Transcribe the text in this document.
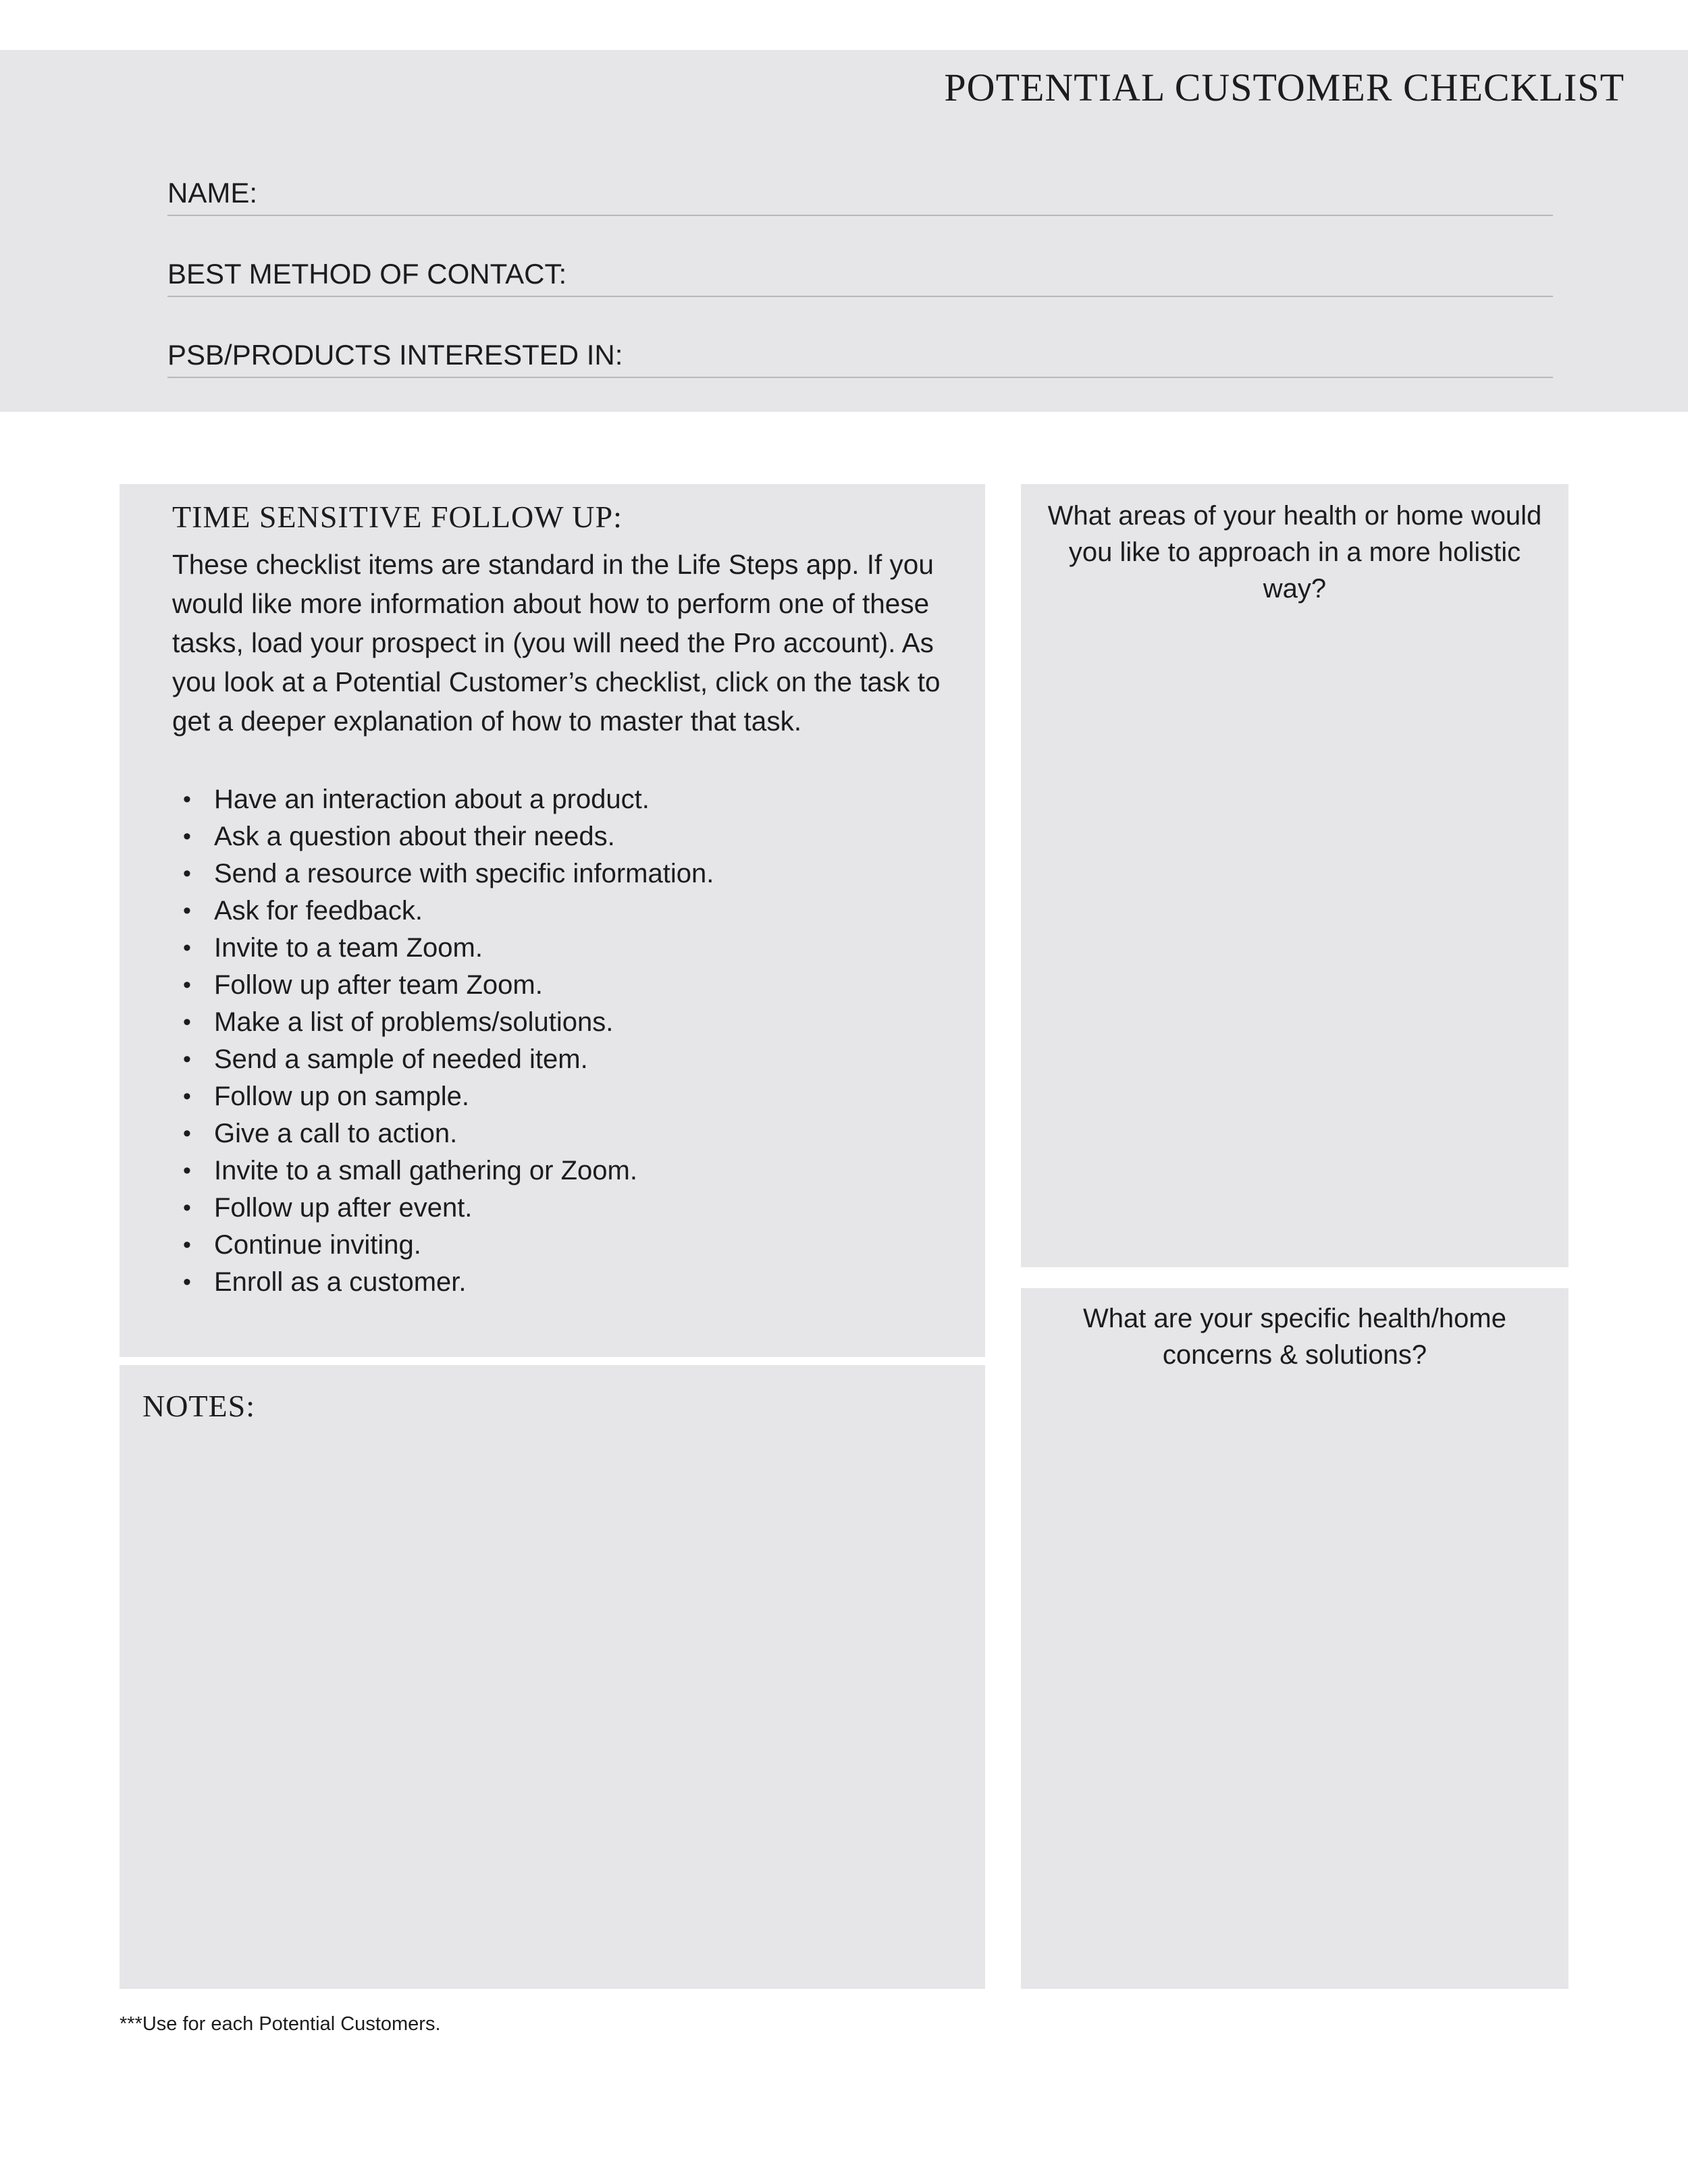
POTENTIAL CUSTOMER CHECKLIST
NAME:
BEST METHOD OF CONTACT:
PSB/PRODUCTS INTERESTED IN:
TIME SENSITIVE FOLLOW UP:

These checklist items are standard in the Life Steps app. If you would like more information about how to perform one of these tasks, load your prospect in (you will need the Pro account). As you look at a Potential Customer’s checklist, click on the task to get a deeper explanation of how to master that task.

• Have an interaction about a product.
• Ask a question about their needs.
• Send a resource with specific information.
• Ask for feedback.
• Invite to a team Zoom.
• Follow up after team Zoom.
• Make a list of problems/solutions.
• Send a sample of needed item.
• Follow up on sample.
• Give a call to action.
• Invite to a small gathering or Zoom.
• Follow up after event.
• Continue inviting.
• Enroll as a customer.
NOTES:

What areas of your health or home would you like to approach in a more holistic way?

What are your specific health/home concerns & solutions?

***Use for each Potential Customers.
